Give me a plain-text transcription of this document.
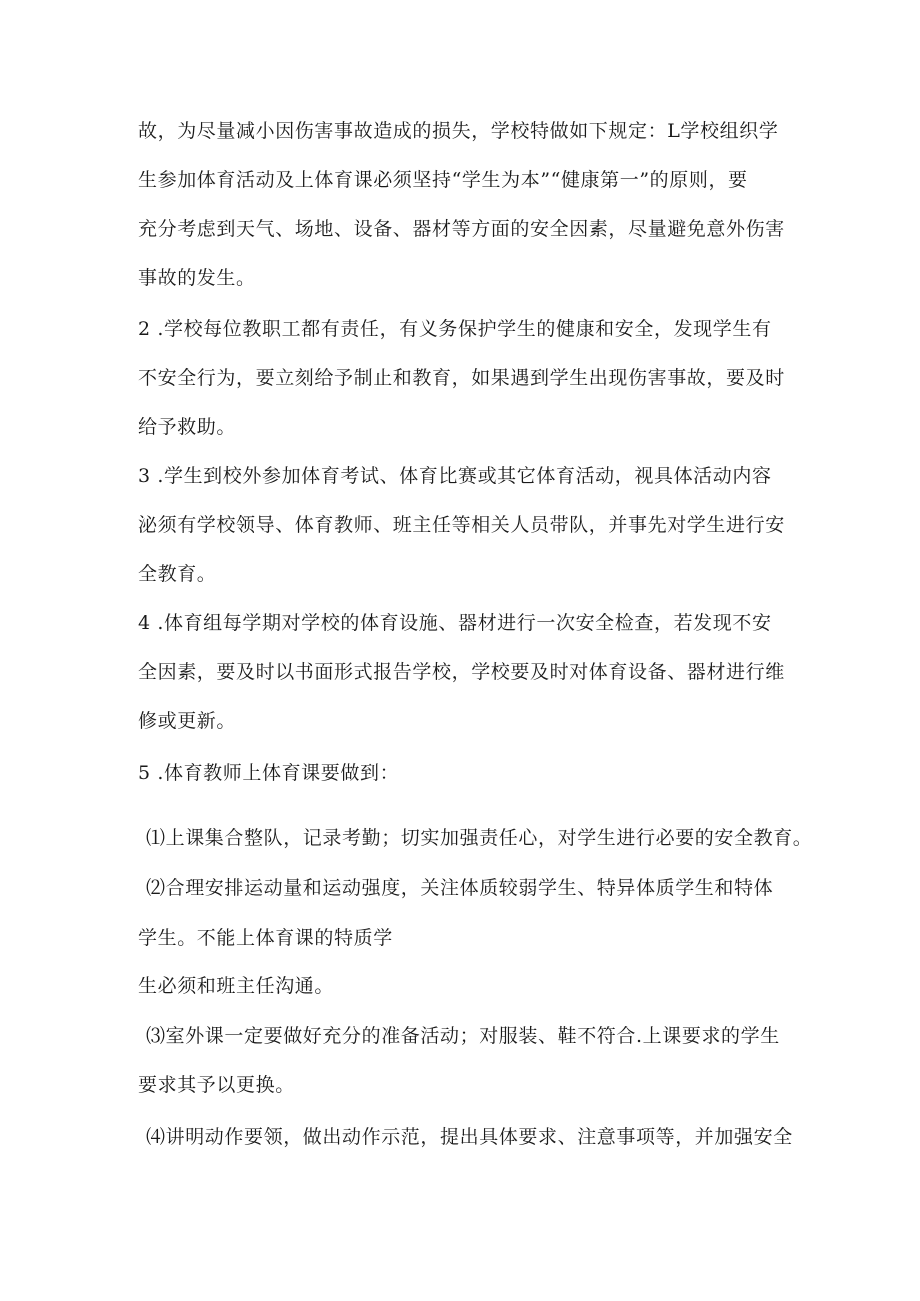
故，为尽量减小因伤害事故造成的损失，学校特做如下规定：L学校组织学
生参加体育活动及上体育课必须坚持“学生为本”“健康第一”的原则，要
充分考虑到天气、场地、设备、器材等方面的安全因素，尽量避免意外伤害
事故的发生。
2 .学校每位教职工都有责任，有义务保护学生的健康和安全，发现学生有
不安全行为，要立刻给予制止和教育，如果遇到学生出现伤害事故，要及时
给予救助。
3 .学生到校外参加体育考试、体育比赛或其它体育活动，视具体活动内容
泌须有学校领导、体育教师、班主任等相关人员带队，并事先对学生进行安
全教育。
4 .体育组每学期对学校的体育设施、器材进行一次安全检查，若发现不安
全因素，要及时以书面形式报告学校，学校要及时对体育设备、器材进行维
修或更新。
5 .体育教师上体育课要做到：
⑴上课集合整队，记录考勤；切实加强责任心，对学生进行必要的安全教育。
⑵合理安排运动量和运动强度，关注体质较弱学生、特异体质学生和特体
学生。不能上体育课的特质学
生必须和班主任沟通。
⑶室外课一定要做好充分的准备活动；对服装、鞋不符合.上课要求的学生
要求其予以更换。
⑷讲明动作要领，做出动作示范，提出具体要求、注意事项等，并加强安全
